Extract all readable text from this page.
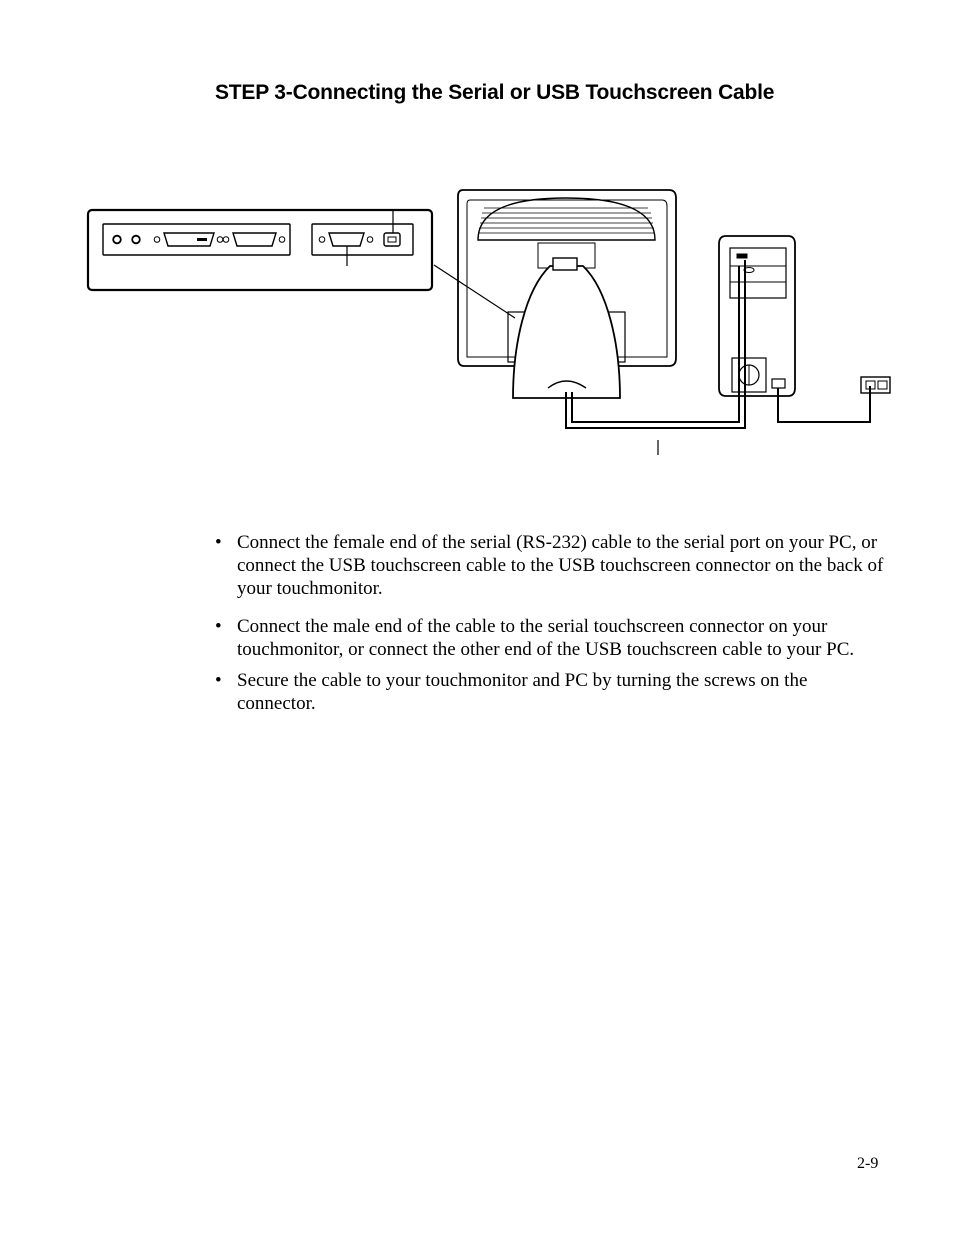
STEP 3-Connecting the Serial or USB Touchscreen Cable
• Connect the female end of the serial (RS-232) cable to the serial port on your PC, or connect the USB touchscreen cable to the USB touchscreen connector on the back of your touchmonitor.
• Connect the male end of the cable to the serial touchscreen connector on your touchmonitor, or connect the other end of the USB touchscreen cable to your PC.
• Secure the cable to your touchmonitor and PC by turning the screws on the connector.
2-9
